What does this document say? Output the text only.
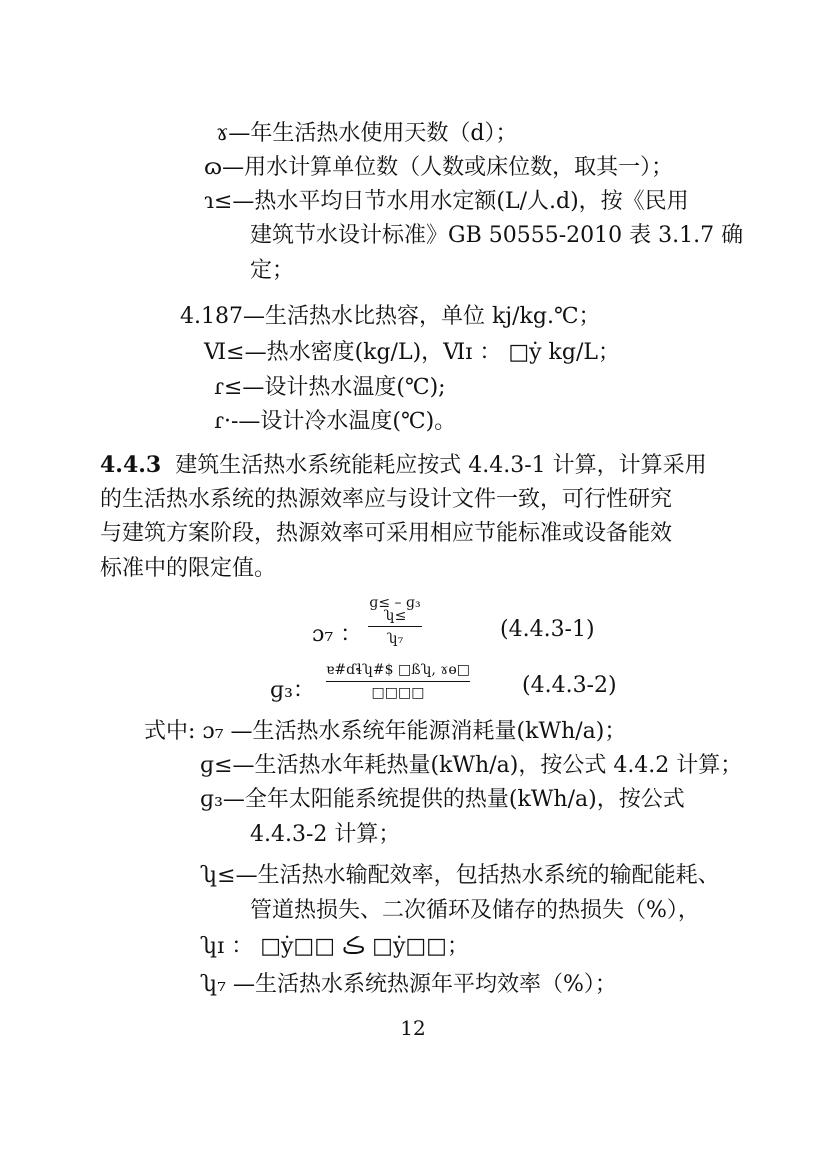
ɤ—年生活热水使用天数（d）；
ɷ—用水计算单位数（人数或床位数，取其一）；
ɿ≤—热水平均日节水用水定额(L/人.d)，按《民用
建筑节水设计标准》GB 50555-2010 表 3.1.7 确
定；
4.187—生活热水比热容，单位 kj/kg.℃；
Ⅵ≤—热水密度(kg/L)，Ⅵɪ ： □ẏ kg/L；
ɾ≤—设计热水温度(℃);
ɾ·-—设计冷水温度(℃)。
4.4.3 建筑生活热水系统能耗应按式 4.4.3-1 计算，计算采用
的生活热水系统的热源效率应与设计文件一致，可行性研究
与建筑方案阶段，热源效率可采用相应节能标准或设备能效
标准中的限定值。
ɔ₇ ：
ɡ≤ – ɡ₃
ʮ≤
ʮ₇	(4.4.3-1)
ɡ₃：
ɐ#ɗɬʮ#$ □ßʮ, ɤɵ□
□□□□	(4.4.3-2)
式中: ɔ₇ —生活热水系统年能源消耗量(kWh/a)；
ɡ≤—生活热水年耗热量(kWh/a)，按公式 4.4.2 计算；
ɡ₃—全年太阳能系统提供的热量(kWh/a)，按公式
4.4.3-2 计算；
ʮ≤—生活热水输配效率，包括热水系统的输配能耗、
管道热损失、二次循环及储存的热损失（%），
ʮɪ ： □ẏ□□ ڪ □ẏ□□；
ʮ₇ —生活热水系统热源年平均效率（%）；
12
